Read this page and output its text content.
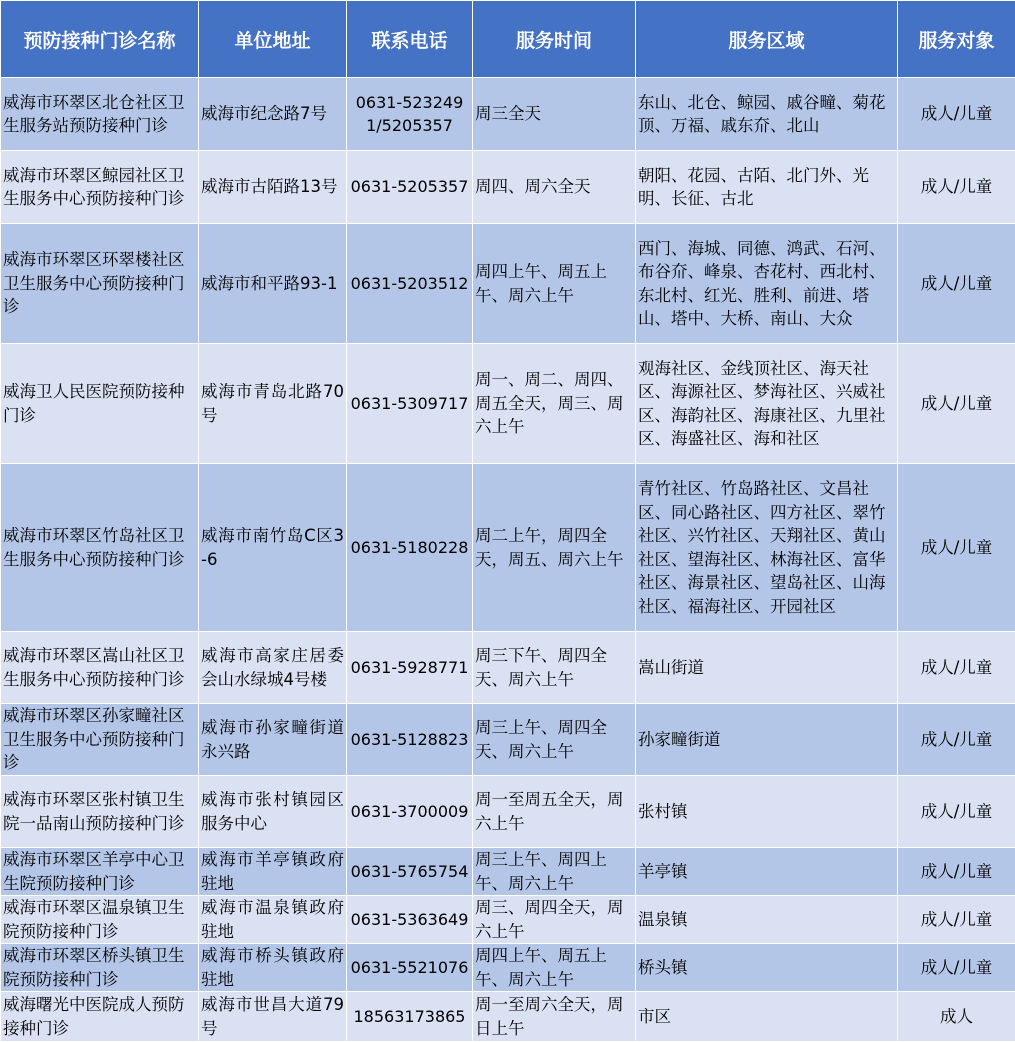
预防接种门诊名称	单位地址	联系电话	服务时间	服务区域	服务对象
威海市环翠区北仓社区卫生服务站预防接种门诊	威海市纪念路7号	0631-5232491/5205357	周三全天	东山、北仓、鲸园、戚谷疃、菊花顶、万福、戚东夼、北山	成人/儿童
威海市环翠区鲸园社区卫生服务中心预防接种门诊	威海市古陌路13号	0631-5205357	周四、周六全天	朝阳、花园、古陌、北门外、光明、长征、古北	成人/儿童
威海市环翠区环翠楼社区卫生服务中心预防接种门诊	威海市和平路93-1	0631-5203512	周四上午、周五上午、周六上午	西门、海城、同德、鸿武、石河、布谷夼、峰泉、杏花村、西北村、东北村、红光、胜利、前进、塔山、塔中、大桥、南山、大众	成人/儿童
威海卫人民医院预防接种门诊	威海市青岛北路70号	0631-5309717	周一、周二、周四、周五全天，周三、周六上午	观海社区、金线顶社区、海天社区、海源社区、梦海社区、兴威社区、海韵社区、海康社区、九里社区、海盛社区、海和社区	成人/儿童
威海市环翠区竹岛社区卫生服务中心预防接种门诊	威海市南竹岛C区3-6	0631-5180228	周二上午，周四全天，周五、周六上午	青竹社区、竹岛路社区、文昌社区、同心路社区、四方社区、翠竹社区、兴竹社区、天翔社区、黄山社区、望海社区、林海社区、富华社区、海景社区、望岛社区、山海社区、福海社区、开园社区	成人/儿童
威海市环翠区嵩山社区卫生服务中心预防接种门诊	威海市高家庄居委会山水绿城4号楼	0631-5928771	周三下午、周四全天、周六上午	嵩山街道	成人/儿童
威海市环翠区孙家疃社区卫生服务中心预防接种门诊	威海市孙家疃街道永兴路	0631-5128823	周三上午、周四全天、周六上午	孙家疃街道	成人/儿童
威海市环翠区张村镇卫生院一品南山预防接种门诊	威海市张村镇园区服务中心	0631-3700009	周一至周五全天，周六上午	张村镇	成人/儿童
威海市环翠区羊亭中心卫生院预防接种门诊	威海市羊亭镇政府驻地	0631-5765754	周三上午、周四上午、周六上午	羊亭镇	成人/儿童
威海市环翠区温泉镇卫生院预防接种门诊	威海市温泉镇政府驻地	0631-5363649	周三、周四全天，周六上午	温泉镇	成人/儿童
威海市环翠区桥头镇卫生院预防接种门诊	威海市桥头镇政府驻地	0631-5521076	周四上午、周五上午、周六上午	桥头镇	成人/儿童
威海曙光中医院成人预防接种门诊	威海市世昌大道79号	18563173865	周一至周六全天，周日上午	市区	成人
